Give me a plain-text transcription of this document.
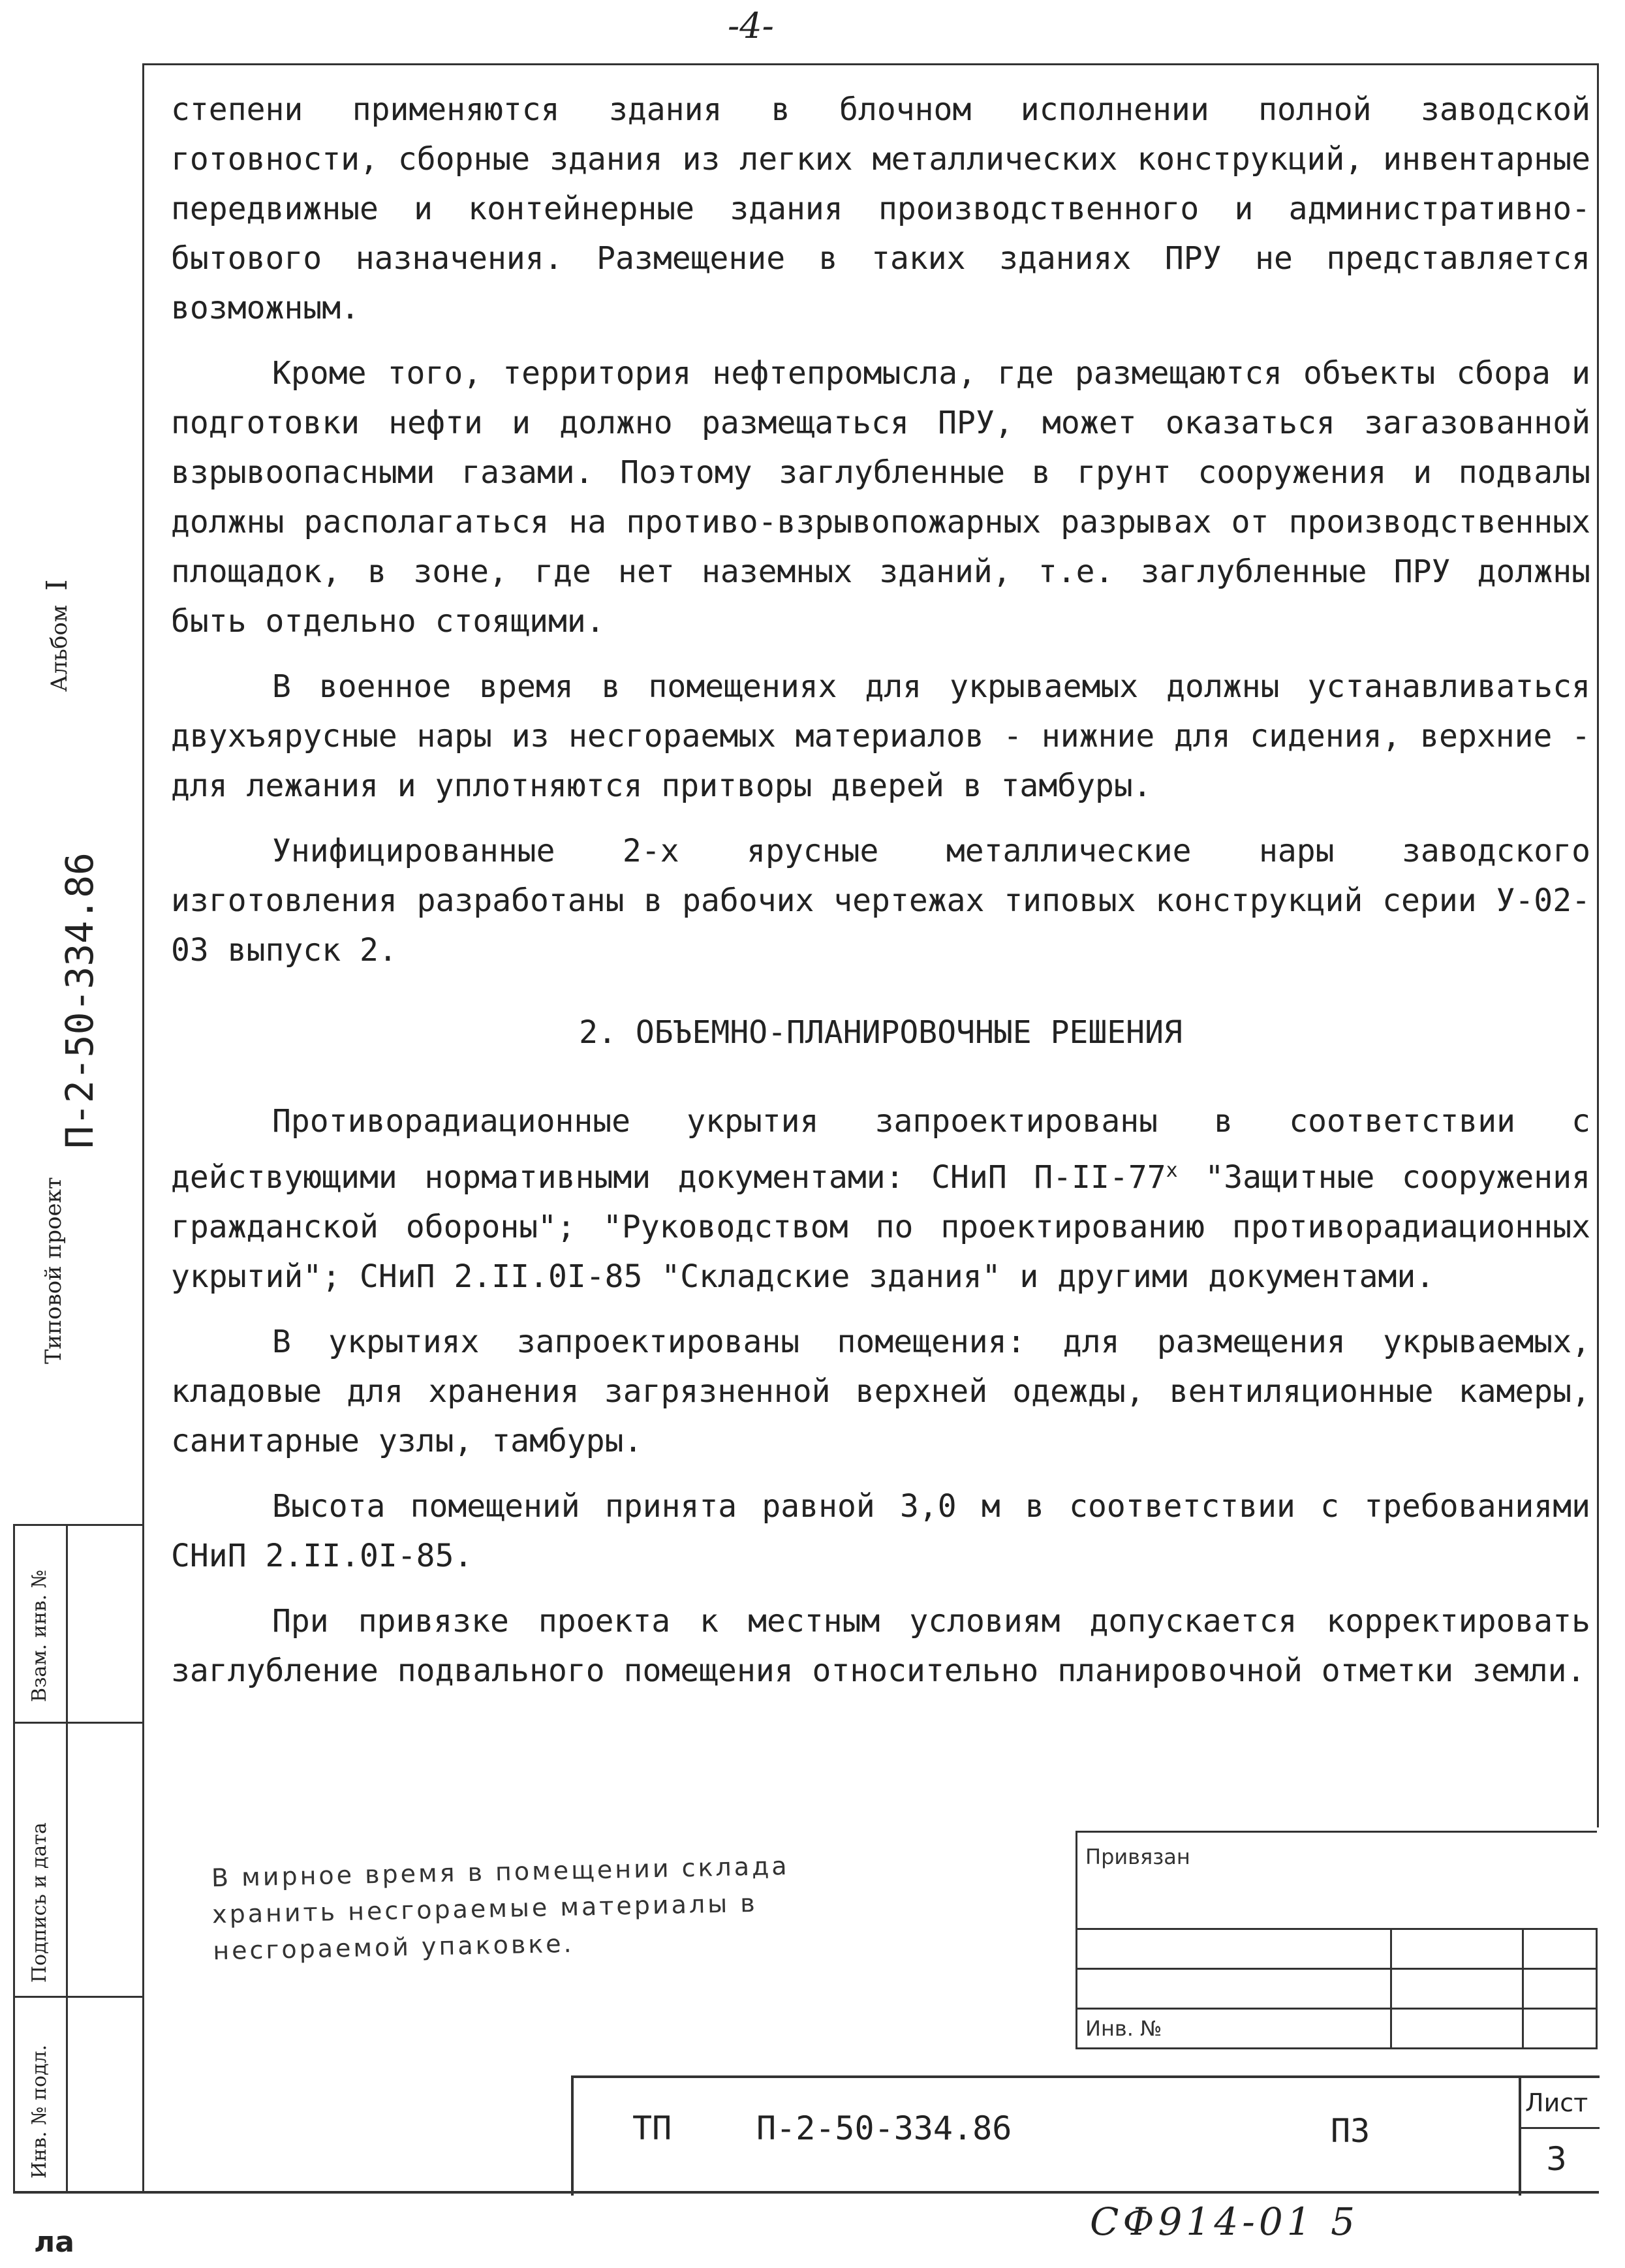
-4-

степени применяются здания в блочном исполнении полной заводской готовности, сборные здания из легких металлических конструкций, инвентарные передвижные и контейнерные здания производственного и административно-бытового назначения. Размещение в таких зданиях ПРУ не представляется возможным.

Кроме того, территория нефтепромысла, где размещаются объекты сбора и подготовки нефти и должно размещаться ПРУ, может оказаться загазованной взрывоопасными газами. Поэтому заглубленные в грунт сооружения и подвалы должны располагаться на противо-взрывопожарных разрывах от производственных площадок, в зоне, где нет наземных зданий, т.е. заглубленные ПРУ должны быть отдельно стоящими.

В военное время в помещениях для укрываемых должны устанавливаться двухъярусные нары из несгораемых материалов - нижние для сидения, верхние - для лежания и уплотняются притворы дверей в тамбуры.

Унифицированные 2-х ярусные металлические нары заводского изготовления разработаны в рабочих чертежах типовых конструкций серии У-02-03 выпуск 2.

2. ОБЪЕМНО-ПЛАНИРОВОЧНЫЕ РЕШЕНИЯ

Противорадиационные укрытия запроектированы в соответствии с действующими нормативными документами: СНиП $П-II-77^х$ "Защитные сооружения гражданской обороны"; "Руководством по проектированию противорадиационных укрытий"; СНиП 2.II.0I-85 "Складские здания" и другими документами.

В укрытиях запроектированы помещения: для размещения укрываемых, кладовые для хранения загрязненной верхней одежды, вентиляционные камеры, санитарные узлы, тамбуры.

Высота помещений принята равной 3,0 м в соответствии с требованиями СНиП 2.II.0I-85.

При привязке проекта к местным условиям допускается корректировать заглубление подвального помещения относительно планировочной отметки земли.

В мирное время в помещении склада хранить несгораемые материалы в несгораемой упаковке.
Альбом  I
Типовой проект
П-2-50-334.86
Взам. инв. №
Подпись и дата
Инв. № подл.
Привязан		

Инв. №		
ТП	П-2-50-334.86	ПЗ
Лист
3
СФ914-01 5
ла
